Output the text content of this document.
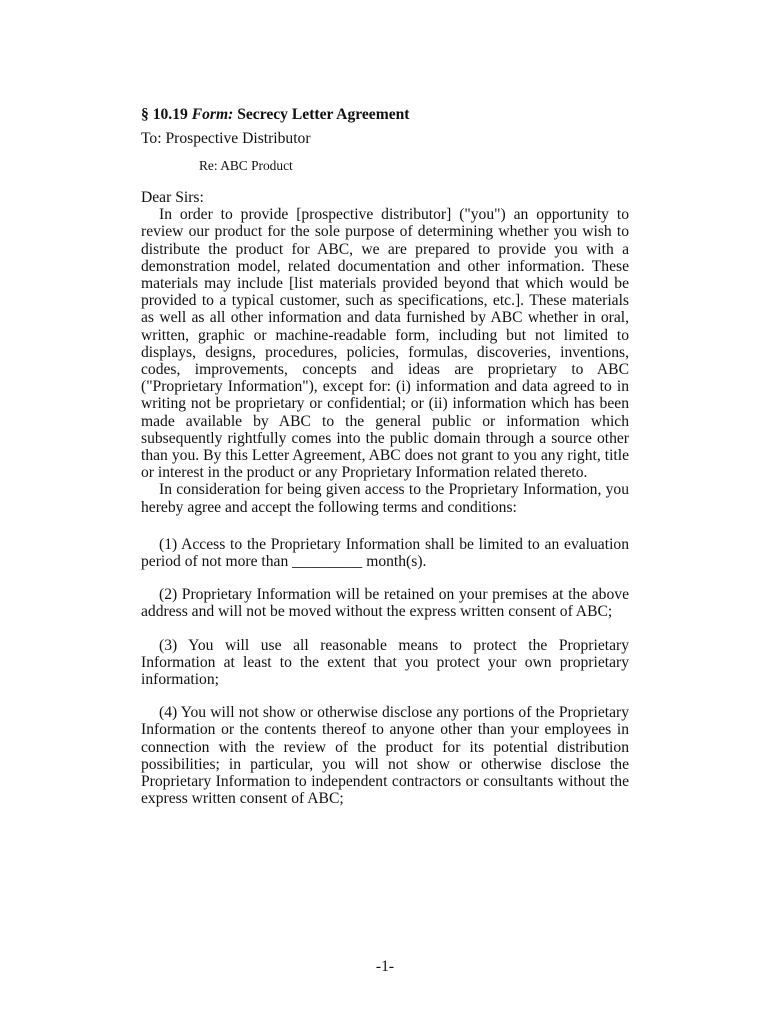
§ 10.19 Form: Secrecy Letter Agreement
To: Prospective Distributor
Re: ABC Product
Dear Sirs:

In order to provide [prospective distributor] ("you") an opportunity to review our product for the sole purpose of determining whether you wish to distribute the product for ABC, we are prepared to provide you with a demonstration model, related documentation and other information. These materials may include [list materials provided beyond that which would be provided to a typical customer, such as specifications, etc.]. These materials as well as all other information and data furnished by ABC whether in oral, written, graphic or machine-readable form, including but not limited to displays, designs, procedures, policies, formulas, discoveries, inventions, codes, improvements, concepts and ideas are proprietary to ABC ("Proprietary Information"), except for: (i) information and data agreed to in writing not be proprietary or confidential; or (ii) information which has been made available by ABC to the general public or information which subsequently rightfully comes into the public domain through a source other than you. By this Letter Agreement, ABC does not grant to you any right, title or interest in the product or any Proprietary Information related thereto.

In consideration for being given access to the Proprietary Information, you hereby agree and accept the following terms and conditions:

(1) Access to the Proprietary Information shall be limited to an evaluation period of not more than _________ month(s).

(2) Proprietary Information will be retained on your premises at the above address and will not be moved without the express written consent of ABC;

(3) You will use all reasonable means to protect the Proprietary Information at least to the extent that you protect your own proprietary information;

(4) You will not show or otherwise disclose any portions of the Proprietary Information or the contents thereof to anyone other than your employees in connection with the review of the product for its potential distribution possibilities; in particular, you will not show or otherwise disclose the Proprietary Information to independent contractors or consultants without the express written consent of ABC;

-1-
